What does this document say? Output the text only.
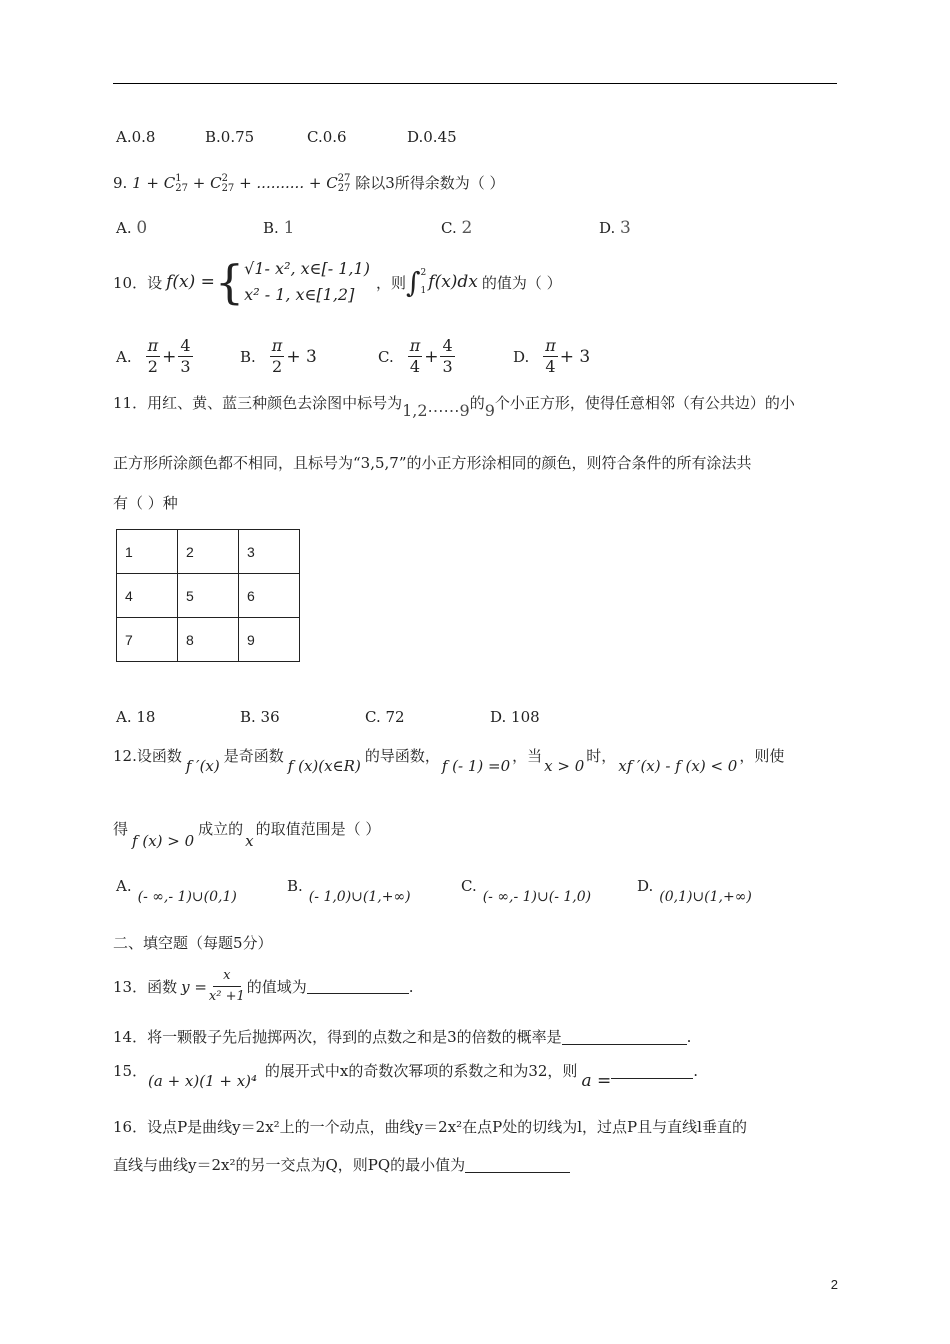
A.0.8	B.0.75	C.0.6	D.0.45
9. 1 + C 1
27 + C 2
27 + .......... + C 27
27 除以3所得余数为（ ）
A. 0	B. 1	C. 2	D. 3
10．设 f(x) = { √1- x², x∈[- 1,1)
x² - 1, x∈[1,2]
，则 ∫ 2
1 f(x)dx 的值为（ ）
A. $\frac{\pi}{2} + \frac{4}{3}$	B. $\frac{\pi}{2} + 3$	C. $\frac{\pi}{4} + \frac{4}{3}$	D. $\frac{\pi}{4} + 3$
11．用红、黄、蓝三种颜色去涂图中标号为1,2⋯⋯9的9个小正方形，使得任意相邻（有公共边）的小
正方形所涂颜色都不相同，且标号为“3,5,7”的小正方形涂相同的颜色，则符合条件的所有涂法共
有（ ）种
1	2	3
4	5	6
7	8	9
A. 18	B. 36	C. 72	D. 108
12.设函数f ′(x)是奇函数f (x)(x∈R)的导函数，f (- 1) =0，当x > 0时，xf ′(x) - f (x) < 0，则使
得f (x) > 0成立的x的取值范围是（ ）
A.(- ∞,- 1)∪(0,1)
B.(- 1,0)∪(1,+∞)
C.(- ∞,- 1)∪(- 1,0)
D.(0,1)∪(1,+∞)
二、填空题（每题5分）
13．函数 $y = \frac{x}{\text{x² +1}}$ 的值域为	.
14．将一颗骰子先后抛掷两次，得到的点数之和是3的倍数的概率是	.
15．
(a + x)(1 + x)⁴
的展开式中x的奇数次幂项的系数之和为32，则 a =	.
16．设点P是曲线y＝2x²上的一个动点，曲线y＝2x²在点P处的切线为l，过点P且与直线l垂直的
直线与曲线y＝2x²的另一交点为Q，则PQ的最小值为
2
